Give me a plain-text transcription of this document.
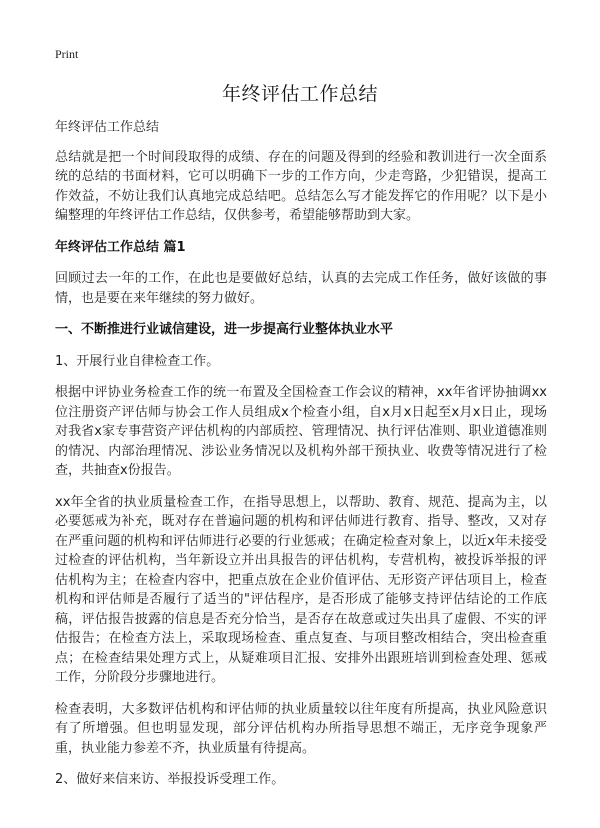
Print
年终评估工作总结
年终评估工作总结
总结就是把一个时间段取得的成绩、存在的问题及得到的经验和教训进行一次全面系统的总结的书面材料，它可以明确下一步的工作方向，少走弯路，少犯错误，提高工作效益，不妨让我们认真地完成总结吧。总结怎么写才能发挥它的作用呢？以下是小编整理的年终评估工作总结，仅供参考，希望能够帮助到大家。
年终评估工作总结 篇1
回顾过去一年的工作，在此也是要做好总结，认真的去完成工作任务，做好该做的事情，也是要在来年继续的努力做好。
一、不断推进行业诚信建设，进一步提高行业整体执业水平
1、开展行业自律检查工作。
根据中评协业务检查工作的统一布置及全国检查工作会议的精神，xx年省评协抽调xx位注册资产评估师与协会工作人员组成x个检查小组，自x月x日起至x月x日止，现场对我省x家专事营资产评估机构的内部质控、管理情况、执行评估准则、职业道德准则的情况、内部治理情况、涉讼业务情况以及机构外部干预执业、收费等情况进行了检查，共抽查x份报告。
xx年全省的执业质量检查工作，在指导思想上，以帮助、教育、规范、提高为主，以必要惩戒为补充，既对存在普遍问题的机构和评估师进行教育、指导、整改，又对存在严重问题的机构和评估师进行必要的行业惩戒；在确定检查对象上，以近x年未接受过检查的评估机构，当年新设立并出具报告的评估机构，专营机构，被投诉举报的评估机构为主；在检查内容中，把重点放在企业价值评估、无形资产评估项目上，检查机构和评估师是否履行了适当的"评估程序，是否形成了能够支持评估结论的工作底稿，评估报告披露的信息是否充分恰当，是否存在故意或过失出具了虚假、不实的评估报告；在检查方法上，采取现场检查、重点复查、与项目整改相结合，突出检查重点；在检查结果处理方式上，从疑难项目汇报、安排外出跟班培训到检查处理、惩戒工作，分阶段分步骤地进行。
检查表明，大多数评估机构和评估师的执业质量较以往年度有所提高，执业风险意识有了所增强。但也明显发现，部分评估机构办所指导思想不端正，无序竞争现象严重，执业能力参差不齐，执业质量有待提高。
2、做好来信来访、举报投诉受理工作。
